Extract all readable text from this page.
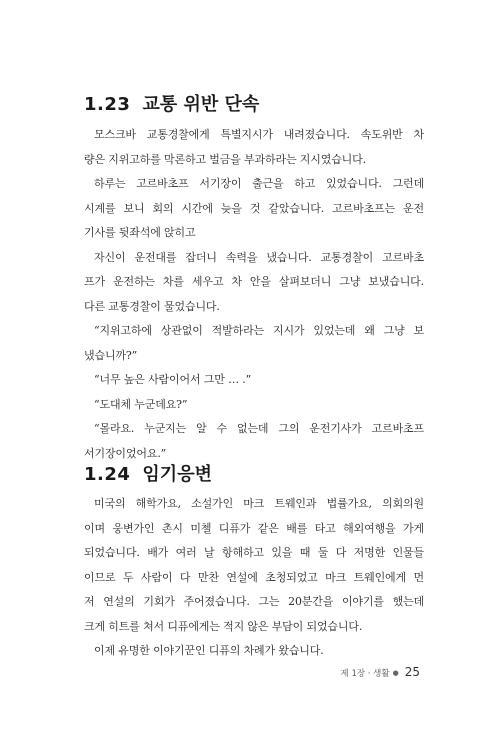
1.23 교통 위반 단속
모스크바 교통경찰에게 특별지시가 내려졌습니다. 속도위반 차
량은 지위고하를 막론하고 벌금을 부과하라는 지시였습니다.
하루는 고르바초프 서기장이 출근을 하고 있었습니다. 그런데
시계를 보니 회의 시간에 늦을 것 같았습니다. 고르바초프는 운전
기사를 뒷좌석에 앉히고
자신이 운전대를 잡더니 속력을 냈습니다. 교통경찰이 고르바초
프가 운전하는 차를 세우고 차 안을 살펴보더니 그냥 보냈습니다.
다른 교통경찰이 물었습니다.
“지위고하에 상관없이 적발하라는 지시가 있었는데 왜 그냥 보
냈습니까?”
“너무 높은 사람이어서 그만 … .”
“도대체 누군데요?”
“몰라요. 누군지는 알 수 없는데 그의 운전기사가 고르바초프
서기장이었어요.”
1.24 임기응변
미국의 해학가요, 소설가인 마크 트웨인과 법률가요, 의회의원
이며 웅변가인 촌시 미첼 디퓨가 같은 배를 타고 해외여행을 가게
되었습니다. 배가 여러 날 항해하고 있을 때 둘 다 저명한 인물들
이므로 두 사람이 다 만찬 연설에 초청되었고 마크 트웨인에게 먼
저 연설의 기회가 주어졌습니다. 그는 20분간을 이야기를 했는데
크게 히트를 쳐서 디퓨에게는 적지 않은 부담이 되었습니다.
이제 유명한 이야기꾼인 디퓨의 차례가 왔습니다.
제 1장 · 생활 ● 25
